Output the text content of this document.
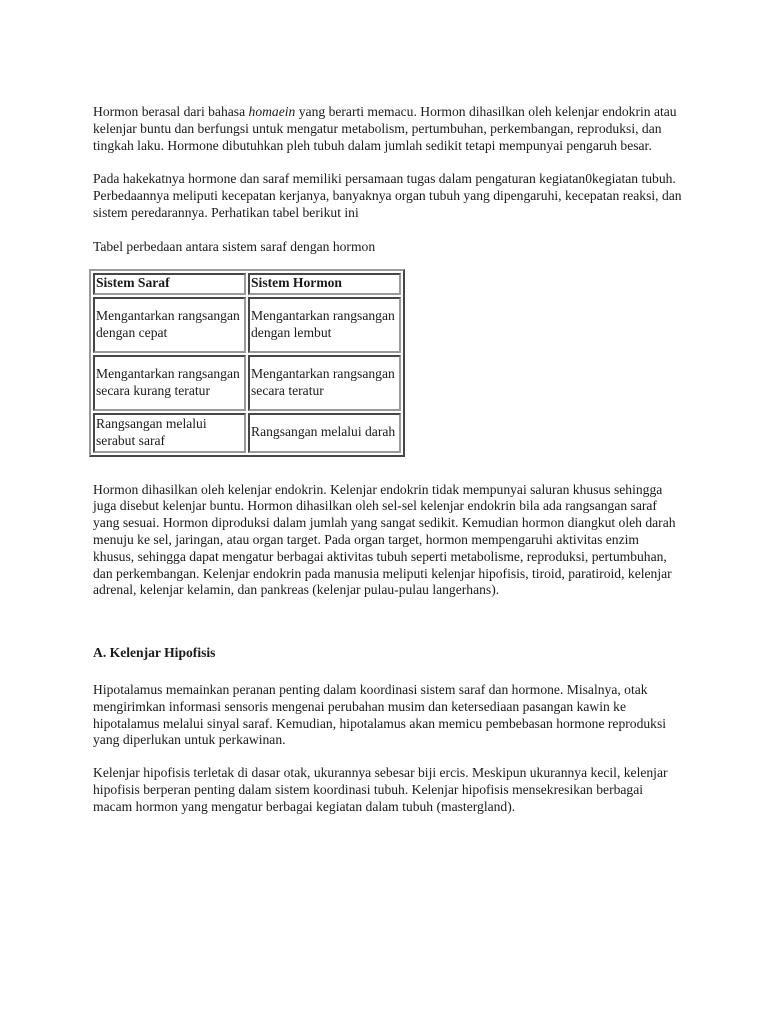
Hormon berasal dari bahasa homaein yang berarti memacu. Hormon dihasilkan oleh kelenjar endokrin atau kelenjar buntu dan berfungsi untuk mengatur metabolism, pertumbuhan, perkembangan, reproduksi, dan tingkah laku. Hormone dibutuhkan pleh tubuh dalam jumlah sedikit tetapi mempunyai pengaruh besar.

Pada hakekatnya hormone dan saraf memiliki persamaan tugas dalam pengaturan kegiatan0kegiatan tubuh. Perbedaannya meliputi kecepatan kerjanya, banyaknya organ tubuh yang dipengaruhi, kecepatan reaksi, dan sistem peredarannya. Perhatikan tabel berikut ini

Tabel perbedaan antara sistem saraf dengan hormon

Sistem Saraf	Sistem Hormon
Mengantarkan rangsangan dengan cepat	Mengantarkan rangsangan dengan lembut
Mengantarkan rangsangan secara kurang teratur	Mengantarkan rangsangan secara teratur
Rangsangan melalui serabut saraf	Rangsangan melalui darah

Hormon dihasilkan oleh kelenjar endokrin. Kelenjar endokrin tidak mempunyai saluran khusus sehingga juga disebut kelenjar buntu. Hormon dihasilkan oleh sel-sel kelenjar endokrin bila ada rangsangan saraf yang sesuai. Hormon diproduksi dalam jumlah yang sangat sedikit. Kemudian hormon diangkut oleh darah menuju ke sel, jaringan, atau organ target. Pada organ target, hormon mempengaruhi aktivitas enzim khusus, sehingga dapat mengatur berbagai aktivitas tubuh seperti metabolisme, reproduksi, pertumbuhan, dan perkembangan. Kelenjar endokrin pada manusia meliputi kelenjar hipofisis, tiroid, paratiroid, kelenjar adrenal, kelenjar kelamin, dan pankreas (kelenjar pulau-pulau langerhans).

A. Kelenjar Hipofisis

Hipotalamus memainkan peranan penting dalam koordinasi sistem saraf dan hormone. Misalnya, otak mengirimkan informasi sensoris mengenai perubahan musim dan ketersediaan pasangan kawin ke hipotalamus melalui sinyal saraf. Kemudian, hipotalamus akan memicu pembebasan hormone reproduksi yang diperlukan untuk perkawinan.

Kelenjar hipofisis terletak di dasar otak, ukurannya sebesar biji ercis. Meskipun ukurannya kecil, kelenjar hipofisis berperan penting dalam sistem koordinasi tubuh. Kelenjar hipofisis mensekresikan berbagai macam hormon yang mengatur berbagai kegiatan dalam tubuh (mastergland).
